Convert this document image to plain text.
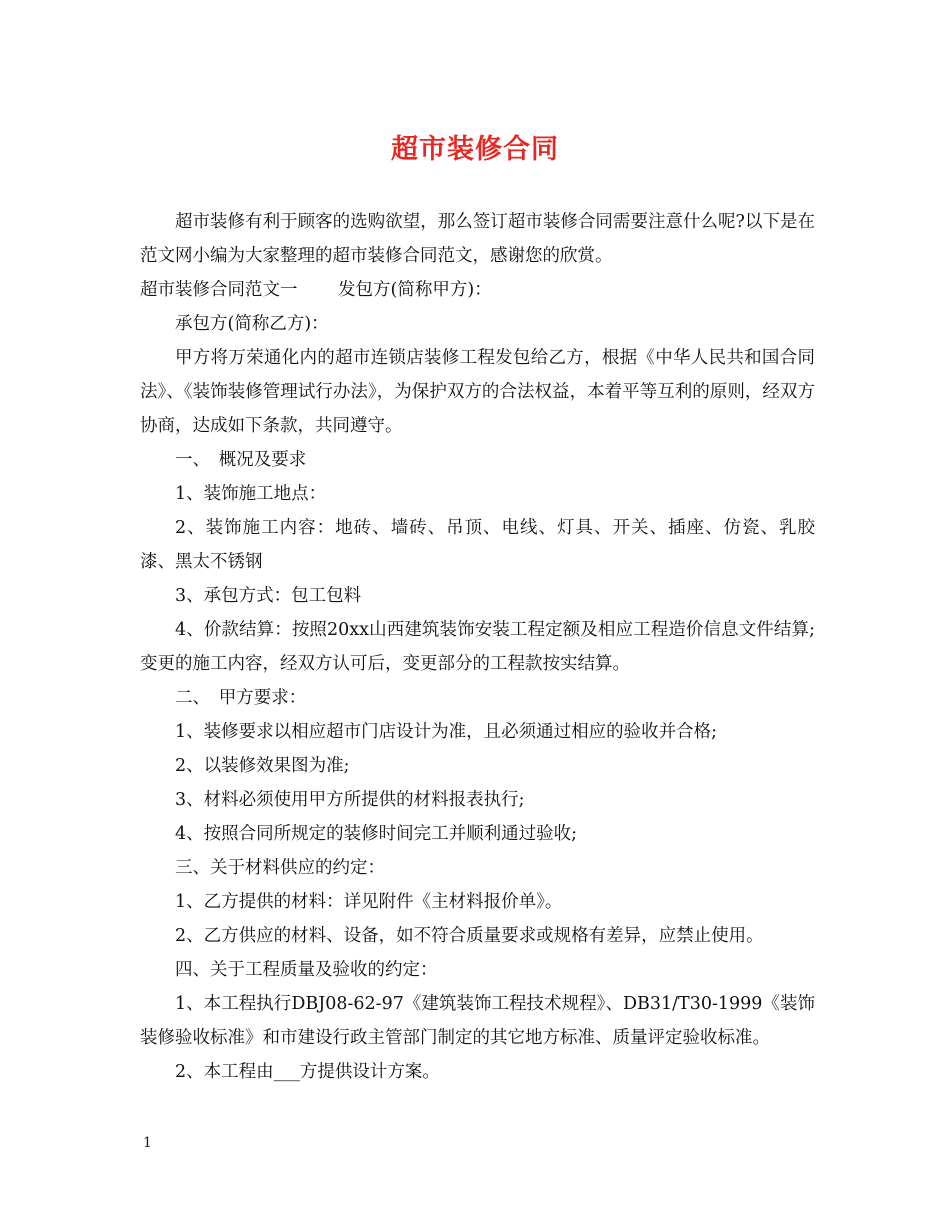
超市装修合同

超市装修有利于顾客的选购欲望，那么签订超市装修合同需要注意什么呢?以下是在范文网小编为大家整理的超市装修合同范文，感谢您的欣赏。

超市装修合同范文一　　 发包方(简称甲方)：

承包方(简称乙方)：

甲方将万荣通化内的超市连锁店装修工程发包给乙方，根据《中华人民共和国合同法》、《装饰装修管理试行办法》，为保护双方的合法权益，本着平等互利的原则，经双方协商，达成如下条款，共同遵守。

一、　概况及要求

1、装饰施工地点：

2、装饰施工内容：地砖、墙砖、吊顶、电线、灯具、开关、插座、仿瓷、乳胶漆、黑太不锈钢

3、承包方式：包工包料

4、价款结算：按照20xx山西建筑装饰安装工程定额及相应工程造价信息文件结算;变更的施工内容，经双方认可后，变更部分的工程款按实结算。

二、　甲方要求：

1、装修要求以相应超市门店设计为准，且必须通过相应的验收并合格;

2、以装修效果图为准;

3、材料必须使用甲方所提供的材料报表执行;

4、按照合同所规定的装修时间完工并顺利通过验收;

三、关于材料供应的约定：

1、乙方提供的材料：详见附件《主材料报价单》。

2、乙方供应的材料、设备，如不符合质量要求或规格有差异，应禁止使用。

四、关于工程质量及验收的约定：

1、本工程执行DBJ08-62-97《建筑装饰工程技术规程》、DB31/T30-1999《装饰装修验收标准》和市建设行政主管部门制定的其它地方标准、质量评定验收标准。

2、本工程由___方提供设计方案。

1
